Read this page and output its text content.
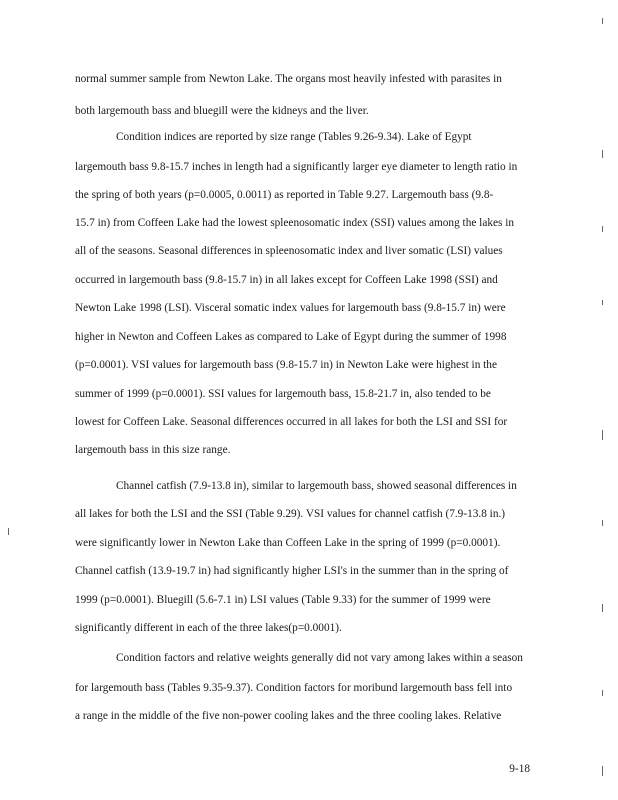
normal summer sample from Newton Lake. The organs most heavily infested with parasites in
both largemouth bass and bluegill were the kidneys and the liver.
Condition indices are reported by size range (Tables 9.26-9.34). Lake of Egypt
largemouth bass 9.8-15.7 inches in length had a significantly larger eye diameter to length ratio in
the spring of both years (p=0.0005, 0.0011) as reported in Table 9.27. Largemouth bass (9.8-
15.7 in) from Coffeen Lake had the lowest spleenosomatic index (SSI) values among the lakes in
all of the seasons. Seasonal differences in spleenosomatic index and liver somatic (LSI) values
occurred in largemouth bass (9.8-15.7 in) in all lakes except for Coffeen Lake 1998 (SSI) and
Newton Lake 1998 (LSI). Visceral somatic index values for largemouth bass (9.8-15.7 in) were
higher in Newton and Coffeen Lakes as compared to Lake of Egypt during the summer of 1998
(p=0.0001). VSI values for largemouth bass (9.8-15.7 in) in Newton Lake were highest in the
summer of 1999 (p=0.0001). SSI values for largemouth bass, 15.8-21.7 in, also tended to be
lowest for Coffeen Lake. Seasonal differences occurred in all lakes for both the LSI and SSI for
largemouth bass in this size range.
Channel catfish (7.9-13.8 in), similar to largemouth bass, showed seasonal differences in
all lakes for both the LSI and the SSI (Table 9.29). VSI values for channel catfish (7.9-13.8 in.)
were significantly lower in Newton Lake than Coffeen Lake in the spring of 1999 (p=0.0001).
Channel catfish (13.9-19.7 in) had significantly higher LSI's in the summer than in the spring of
1999 (p=0.0001). Bluegill (5.6-7.1 in) LSI values (Table 9.33) for the summer of 1999 were
significantly different in each of the three lakes(p=0.0001).
Condition factors and relative weights generally did not vary among lakes within a season
for largemouth bass (Tables 9.35-9.37). Condition factors for moribund largemouth bass fell into
a range in the middle of the five non-power cooling lakes and the three cooling lakes. Relative
9-18
